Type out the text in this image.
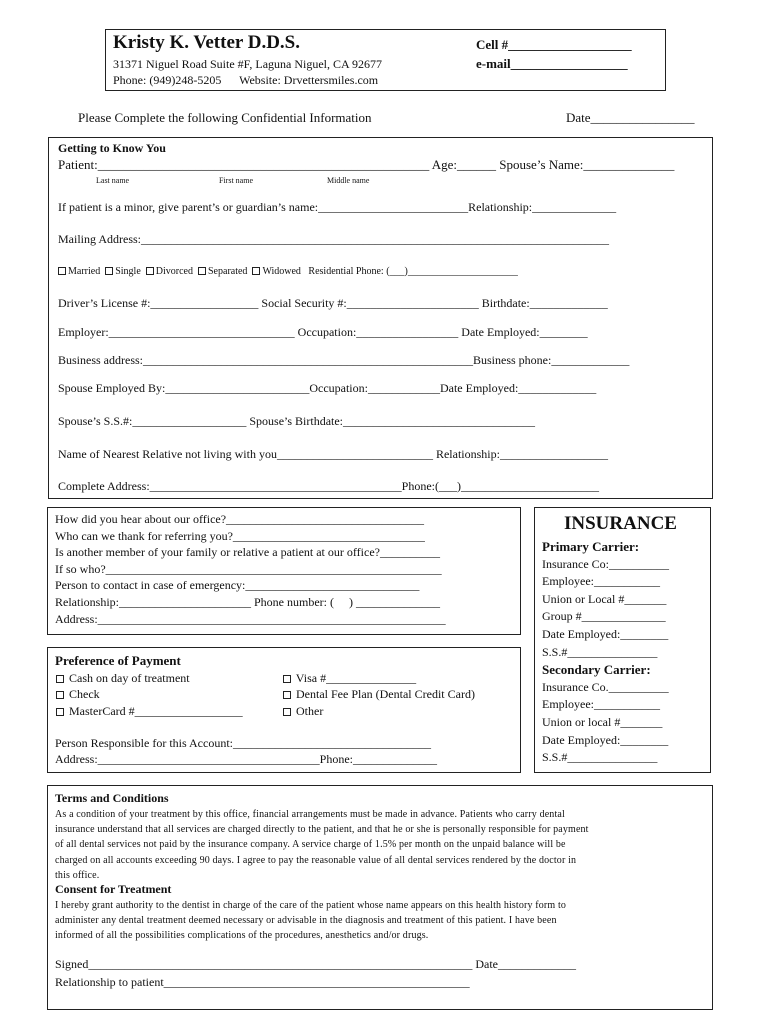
Kristy K. Vetter D.D.S.
31371 Niguel Road Suite #F, Laguna Niguel, CA 92677
Phone: (949)248-5205      Website: Drvettersmiles.com
Cell #___________________
e-mail__________________
Please Complete the following Confidential Information	Date________________
Getting to Know You
Patient:___________________________________________________ Age:______ Spouse’s Name:______________
Last name	First name	Middle name
If patient is a minor, give parent’s or guardian’s name:_________________________Relationship:______________
Mailing Address:______________________________________________________________________________
Married Single Divorced Separated Widowed Residential Phone: (___)______________________
Driver’s License #:__________________ Social Security #:______________________ Birthdate:_____________
Employer:_______________________________ Occupation:_________________ Date Employed:________
Business address:_______________________________________________________Business phone:_____________
Spouse Employed By:________________________Occupation:____________Date Employed:_____________
Spouse’s S.S.#:___________________ Spouse’s Birthdate:________________________________
Name of Nearest Relative not living with you__________________________ Relationship:__________________
Complete Address:__________________________________________Phone:(___)_______________________
How did you hear about our office?_________________________________
Who can we thank for referring you?________________________________
Is another member of your family or relative a patient at our office?__________
If so who?________________________________________________________
Person to contact in case of emergency:_____________________________
Relationship:______________________ Phone number: (     ) ______________
Address:__________________________________________________________
Preference of Payment
Cash on day of treatment
Check
MasterCard #__________________
Visa #_______________
Dental Fee Plan (Dental Credit Card)
Other
Person Responsible for this Account:_________________________________
Address:_____________________________________Phone:______________
INSURANCE
Primary Carrier:
Insurance Co:__________
Employee:___________
Union or Local #_______
Group #______________
Date Employed:________
S.S.#_______________
Secondary Carrier:
Insurance Co.__________
Employee:___________
Union or local #_______
Date Employed:________
S.S.#_______________
Terms and Conditions
As a condition of your treatment by this office, financial arrangements must be made in advance. Patients who carry dental
insurance understand that all services are charged directly to the patient, and that he or she is personally responsible for payment
of all dental services not paid by the insurance company. A service charge of 1.5% per month on the unpaid balance will be
charged on all accounts exceeding 90 days. I agree to pay the reasonable value of all dental services rendered by the doctor in
this office.
Consent for Treatment
I hereby grant authority to the dentist in charge of the care of the patient whose name appears on this health history form to
administer any dental treatment deemed necessary or advisable in the diagnosis and treatment of this patient. I have been
informed of all the possibilities complications of the procedures, anesthetics and/or drugs.
Signed________________________________________________________________ Date_____________
Relationship to patient___________________________________________________
